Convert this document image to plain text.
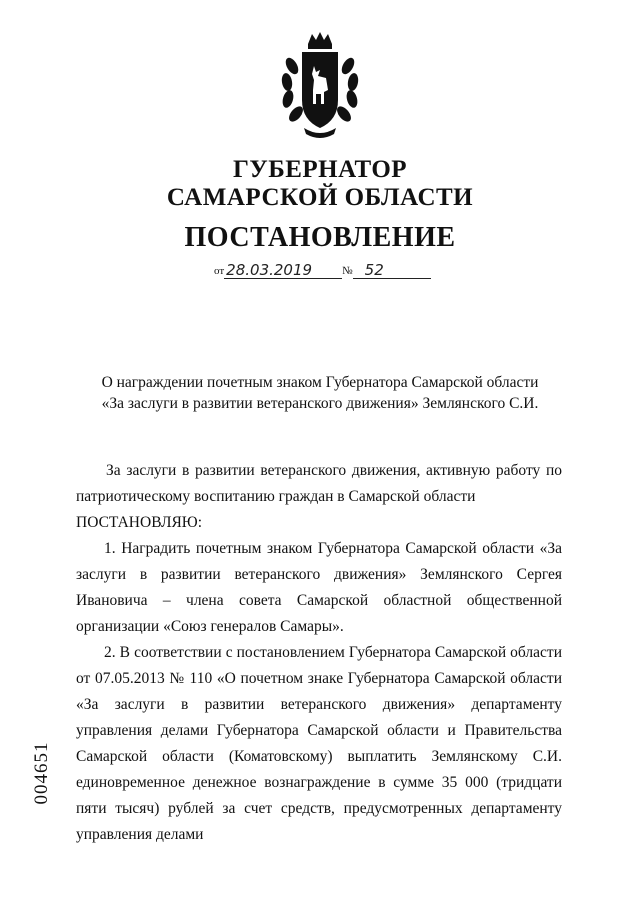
ГУБЕРНАТОР
САМАРСКОЙ ОБЛАСТИ
ПОСТАНОВЛЕНИЕ
от 28.03.2019	№ 52
О награждении почетным знаком Губернатора Самарской области
«За заслуги в развитии ветеранского движения» Землянского С.И.

За заслуги в развитии ветеранского движения, активную работу по патриотическому воспитанию граждан в Самарской области

ПОСТАНОВЛЯЮ:

1. Наградить почетным знаком Губернатора Самарской области «За заслуги в развитии ветеранского движения» Землянского Сергея Ивановича – члена совета Самарской областной общественной организации «Союз генералов Самары».

2. В соответствии с постановлением Губернатора Самарской области от 07.05.2013 № 110 «О почетном знаке Губернатора Самарской области «За заслуги в развитии ветеранского движения» департаменту управления делами Губернатора Самарской области и Правительства Самарской области (Коматовскому) выплатить Землянскому С.И. единовременное денежное вознаграждение в сумме 35 000 (тридцати пяти тысяч) рублей за счет средств, предусмотренных департаменту управления делами

004651
